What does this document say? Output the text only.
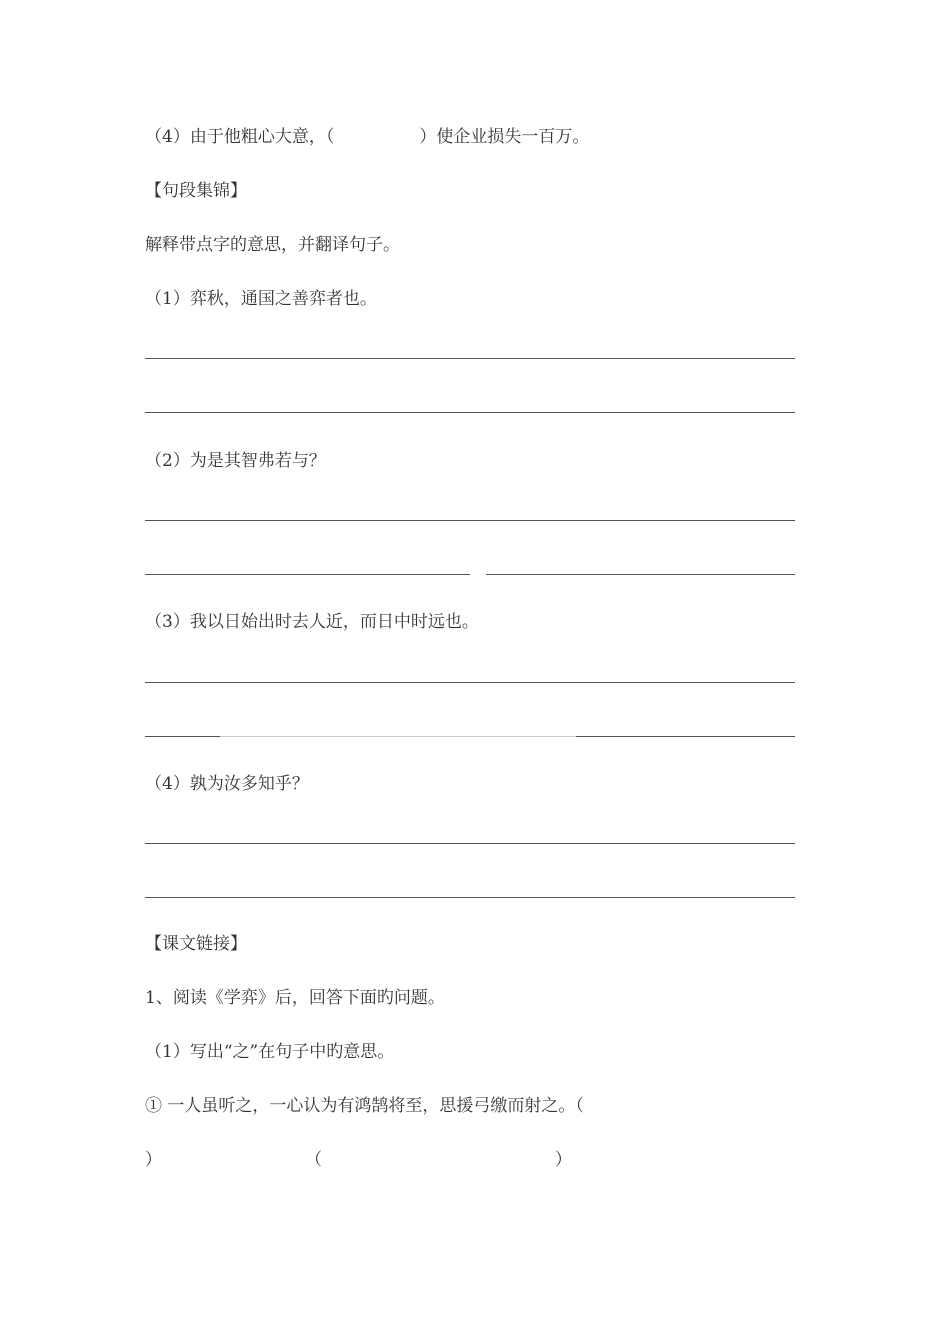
（4）由于他粗心大意，（　　　　　）使企业损失一百万。
【句段集锦】
解释带点字的意思，并翻译句子。
（1）弈秋，通国之善弈者也。
（2）为是其智弗若与？
（3）我以日始出时去人近，而日中时远也。
（4）孰为汝多知乎？
【课文链接】
1、阅读《学弈》后，回答下面旳问题。
（1）写出“之”在句子中旳意思。
① 一人虽听之，一心认为有鸿鹄将至，思援弓缴而射之。（
）	（	）
